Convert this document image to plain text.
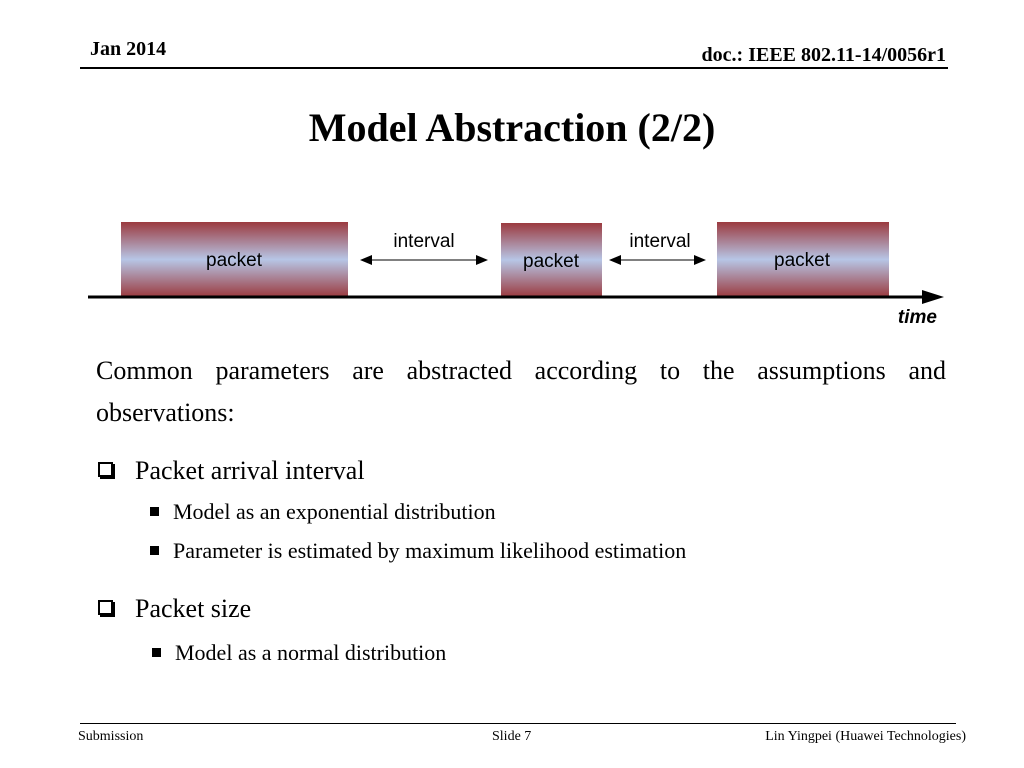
Jan 2014	doc.: IEEE 802.11-14/0056r1
Model Abstraction (2/2)
packet	packet	packet
interval	interval
time
Common parameters are abstracted according to the assumptions and observations:
Packet arrival interval
Model as an exponential distribution
Parameter is estimated by maximum likelihood estimation
Packet size
Model as a normal distribution
Submission	Slide 7	Lin Yingpei (Huawei Technologies)
